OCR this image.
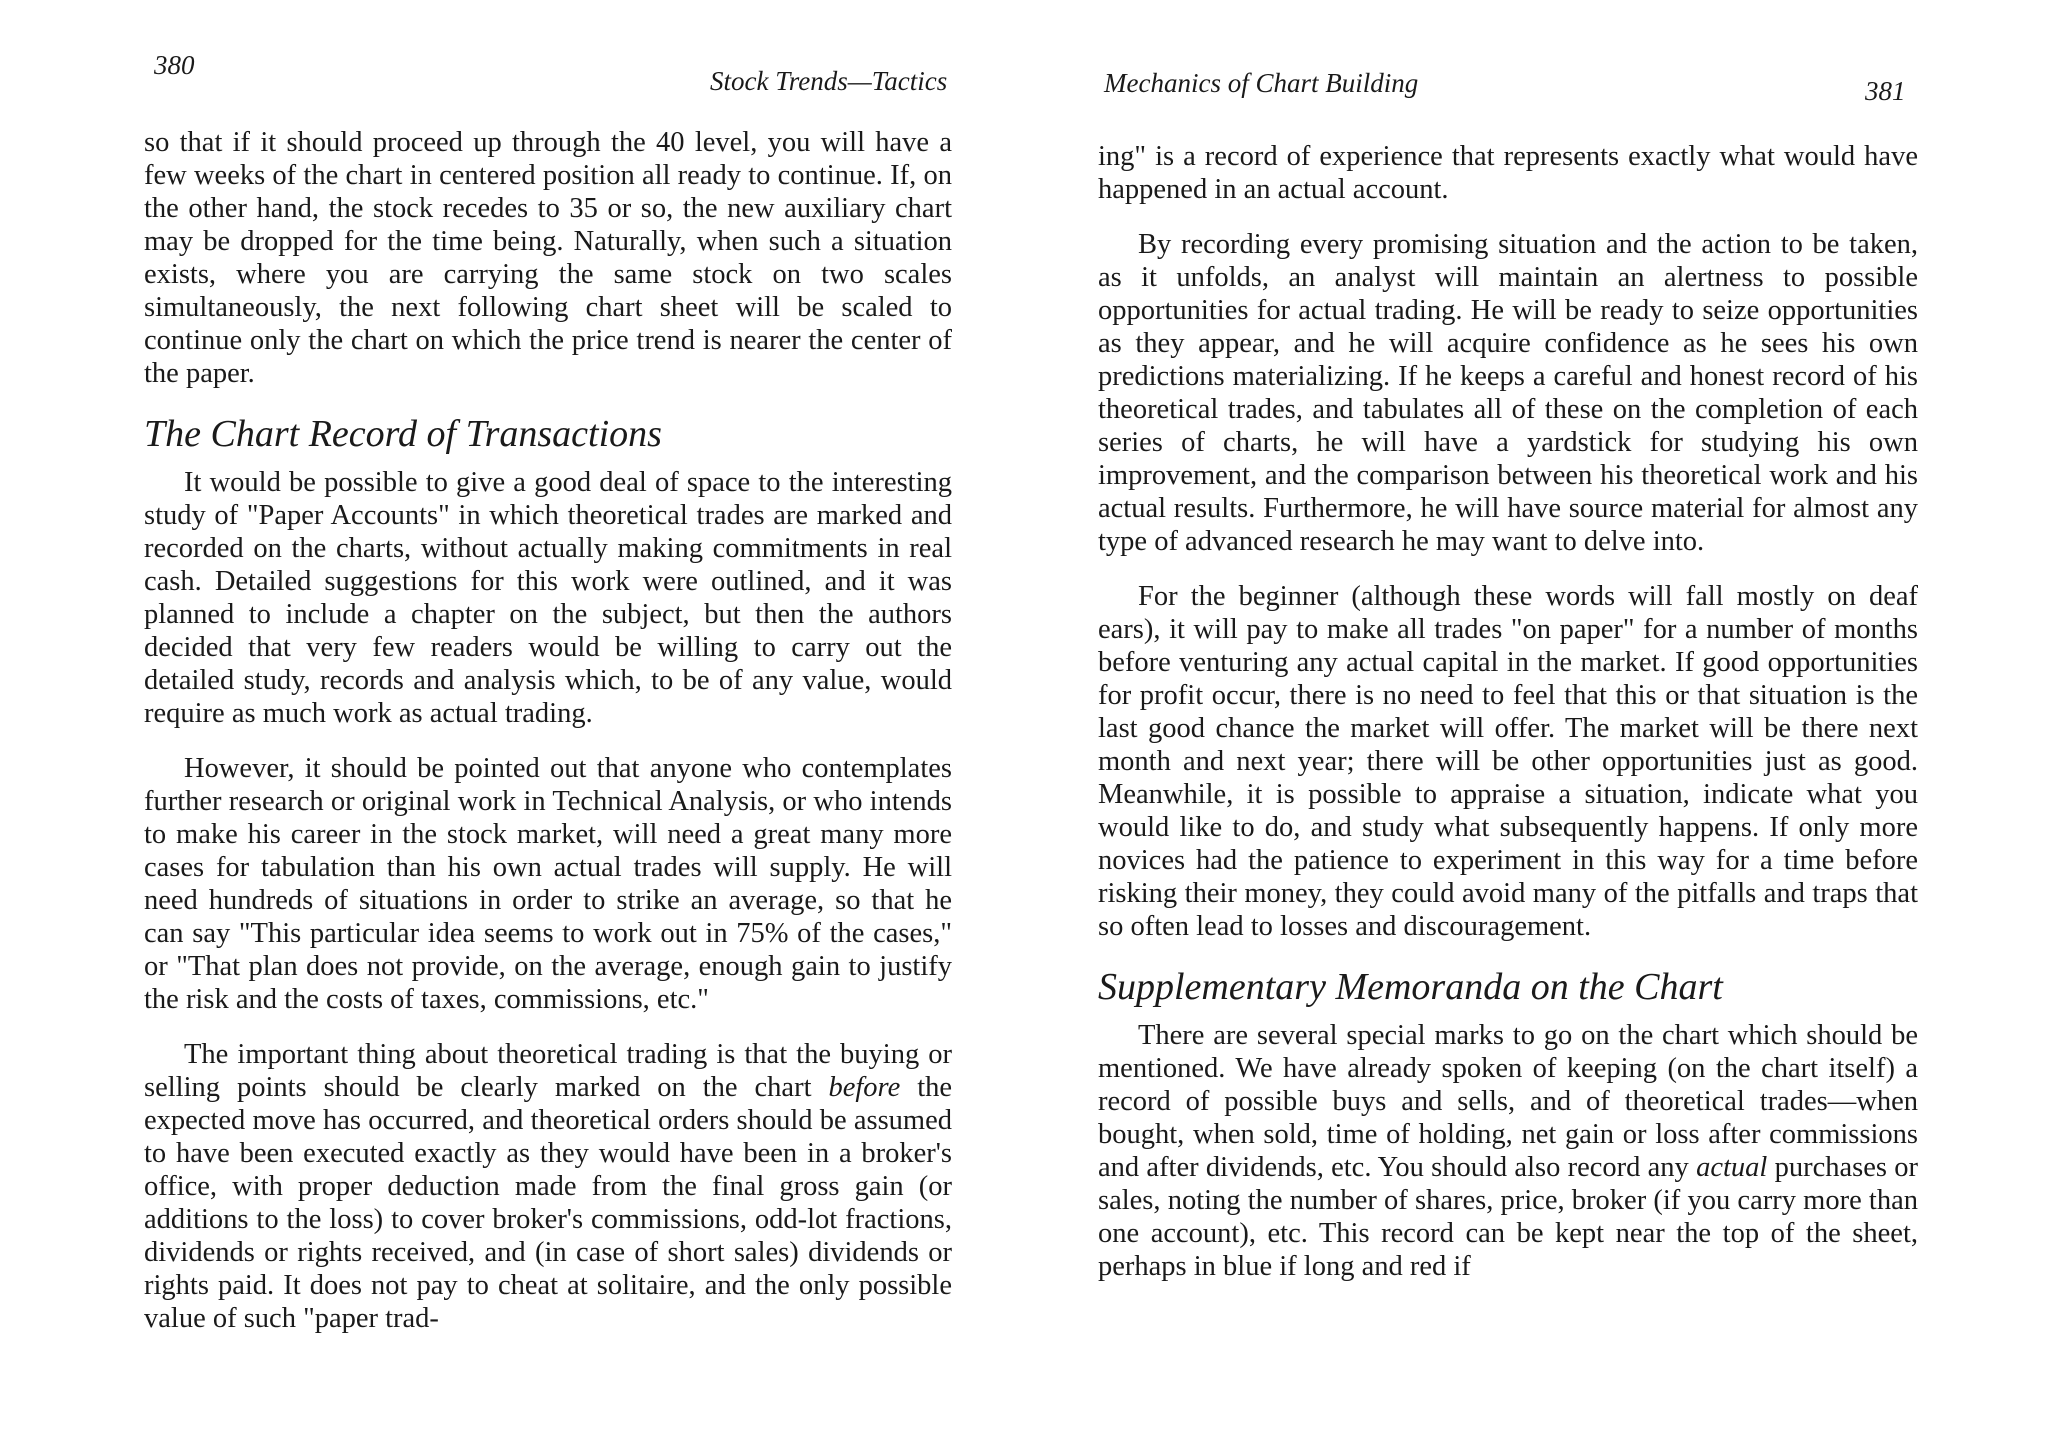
380
Stock Trends—Tactics

so that if it should proceed up through the 40 level, you will have a few weeks of the chart in centered position all ready to continue. If, on the other hand, the stock recedes to 35 or so, the new auxiliary chart may be dropped for the time being. Naturally, when such a situation exists, where you are carrying the same stock on two scales simultaneously, the next following chart sheet will be scaled to continue only the chart on which the price trend is nearer the center of the paper.

The Chart Record of Transactions

It would be possible to give a good deal of space to the interesting study of "Paper Accounts" in which theoretical trades are marked and recorded on the charts, without actually making commitments in real cash. Detailed suggestions for this work were outlined, and it was planned to include a chapter on the subject, but then the authors decided that very few readers would be willing to carry out the detailed study, records and analysis which, to be of any value, would require as much work as actual trading.

However, it should be pointed out that anyone who contemplates further research or original work in Technical Analysis, or who intends to make his career in the stock market, will need a great many more cases for tabulation than his own actual trades will supply. He will need hundreds of situations in order to strike an average, so that he can say "This particular idea seems to work out in 75% of the cases," or "That plan does not provide, on the average, enough gain to justify the risk and the costs of taxes, commissions, etc."

The important thing about theoretical trading is that the buying or selling points should be clearly marked on the chart before the expected move has occurred, and theoretical orders should be assumed to have been executed exactly as they would have been in a broker's office, with proper deduction made from the final gross gain (or additions to the loss) to cover broker's commissions, odd-lot fractions, dividends or rights received, and (in case of short sales) dividends or rights paid. It does not pay to cheat at solitaire, and the only possible value of such "paper trad-

Mechanics of Chart Building	381

ing" is a record of experience that represents exactly what would have happened in an actual account.

By recording every promising situation and the action to be taken, as it unfolds, an analyst will maintain an alertness to possible opportunities for actual trading. He will be ready to seize opportunities as they appear, and he will acquire confidence as he sees his own predictions materializing. If he keeps a careful and honest record of his theoretical trades, and tabulates all of these on the completion of each series of charts, he will have a yardstick for studying his own improvement, and the comparison between his theoretical work and his actual results. Furthermore, he will have source material for almost any type of advanced research he may want to delve into.

For the beginner (although these words will fall mostly on deaf ears), it will pay to make all trades "on paper" for a number of months before venturing any actual capital in the market. If good opportunities for profit occur, there is no need to feel that this or that situation is the last good chance the market will offer. The market will be there next month and next year; there will be other opportunities just as good. Meanwhile, it is possible to appraise a situation, indicate what you would like to do, and study what subsequently happens. If only more novices had the patience to experiment in this way for a time before risking their money, they could avoid many of the pitfalls and traps that so often lead to losses and discouragement.

Supplementary Memoranda on the Chart

There are several special marks to go on the chart which should be mentioned. We have already spoken of keeping (on the chart itself) a record of possible buys and sells, and of theoretical trades—when bought, when sold, time of holding, net gain or loss after commissions and after dividends, etc. You should also record any actual purchases or sales, noting the number of shares, price, broker (if you carry more than one account), etc. This record can be kept near the top of the sheet, perhaps in blue if long and red if
